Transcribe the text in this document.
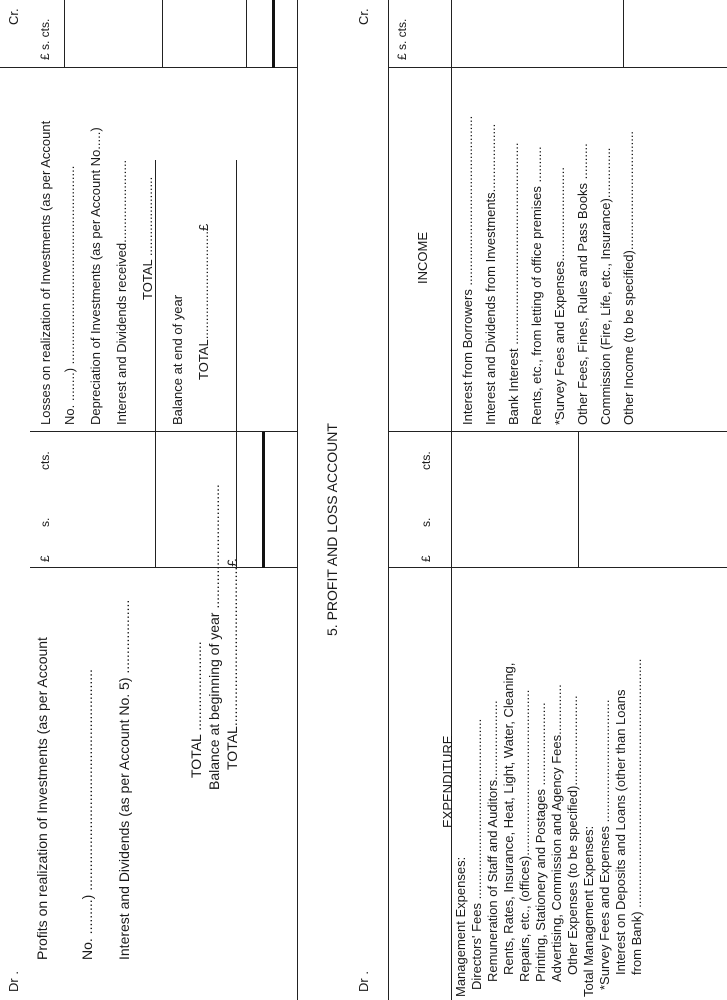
Dr .
Cr.
£
s.
cts.
Profits on realization of Investments (as per Account No. .........) ......................................................... Interest and Dividends (as per Account No. 5) ...................	TOTAL ....................... Balance at beginning of year ................................ TOTAL.........................................£
£ s. cts.
Losses on realization of Investments (as per Account No. ........) ....................................................... Depreciation of Investments (as per Account No.....) Interest and Dividends received....................... TOTAL ......................
Balance at end of year TOTAL..............................£
5. PROFIT AND LOSS ACCOUNT
Dr .
Cr.
EXPENDITURE
£
s.
cts.
INCOME
£ s. cts.
Management Expenses: Directors' Fees .................................................. Remuneration of Staff and Auditors...................... Rents, Rates, Insurance, Heat, Light, Water, Cleaning, Repairs, etc., (offices).............................................. Printing, Stationery and Postages ....................... Advertising, Commission and Agency Fees.............. Other Expenses (to be specified)......................... Total Management Expenses: *Survey Fees and Expenses .................................. Interest on Deposits and Loans (other than Loans from Bank) .....................................................................
Interest from Borrowers ............................................... Interest and Dividends from Investments................... Bank Interest ........................................................ Rents, etc., from letting of office premises .......... *Survey Fees and Expenses.......................... Other Fees, Fines, Rules and Pass Books .......... Commission (Fire, Life, etc., Insurance).............. Other Income (to be specified).................................
